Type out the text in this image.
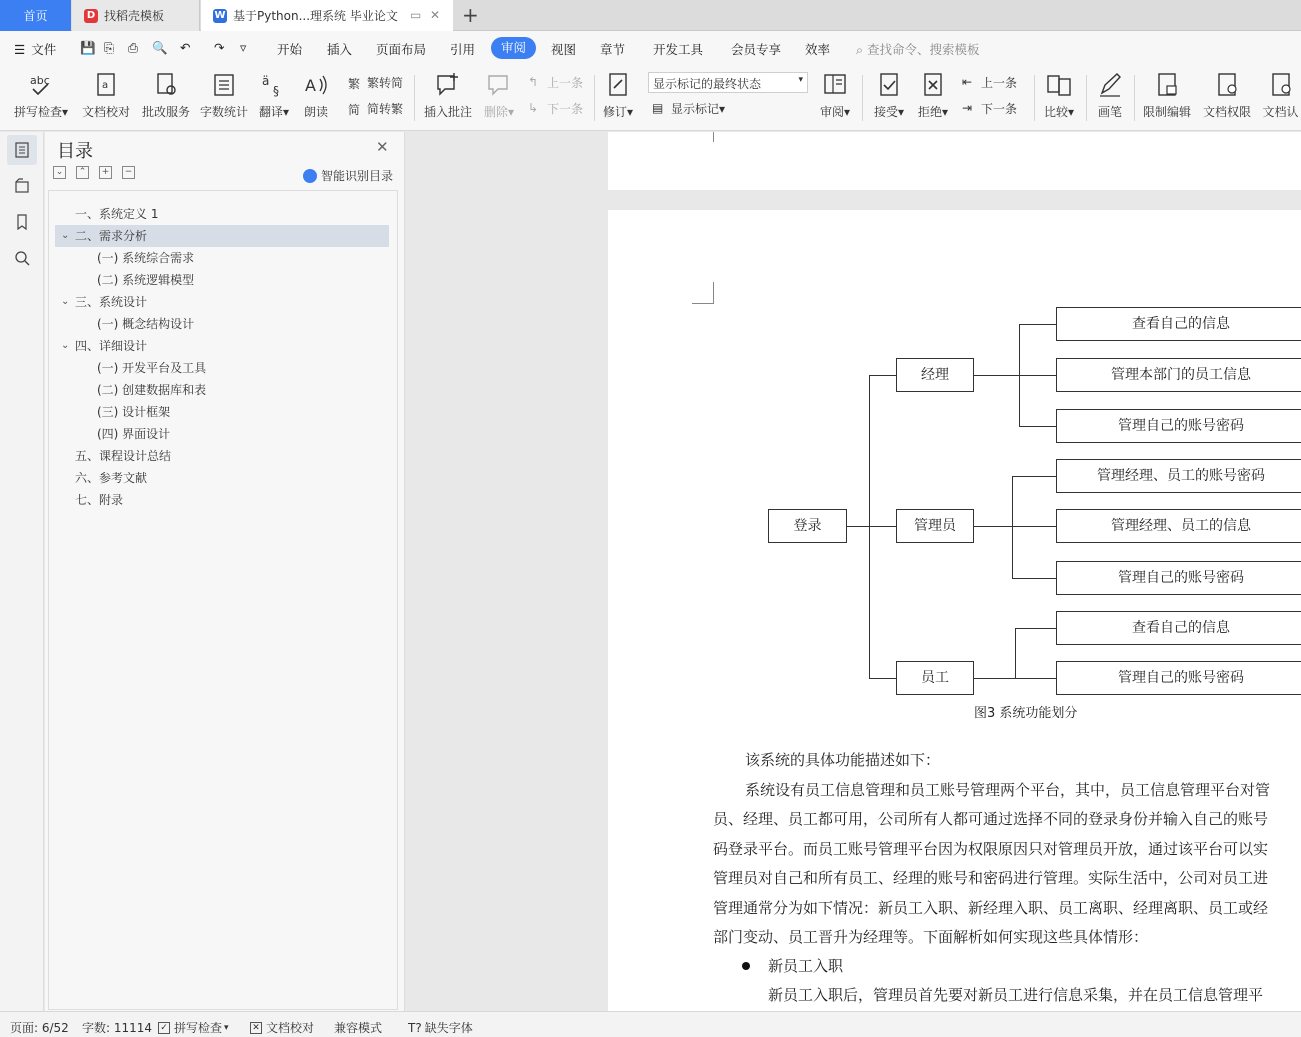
首页	D 找稻壳模板	W 基于Python...理系统 毕业论文 ▭ ✕ +
☰ 文件 💾 ⎘ ⎙ 🔍 ↶ ↷ ▿ 开始 插入 页面布局 引用	审阅	视图 章节 开发工具 会员专享 效率 ⌕ 查找命令、搜索模板
abc
拼写检查▾
a
文档校对 批改服务 字数统计
ä
§
翻译▾
A
朗读
繁 繁转简
简 简转繁 插入批注 删除▾
↰ 上一条
↳ 下一条 修订▾
显示标记的最终状态	▾
▤ 显示标记 ▾	审阅▾	接受▾	拒绝▾
⇤ 上一条
⇥ 下一条	比较▾	画笔	限制编辑 文档权限 文档认
目录	✕
⌄	⌃	+	−	智能识别目录
一、系统定义 1
⌄ 二、需求分析
(一) 系统综合需求
(二) 系统逻辑模型
⌄ 三、系统设计
(一) 概念结构设计
⌄ 四、详细设计
(一) 开发平台及工具
(二) 创建数据库和表
(三) 设计框架
(四) 界面设计
五、课程设计总结
六、参考文献
七、附录
登录
经理
管理员
员工
查看自己的信息
管理本部门的员工信息
管理自己的账号密码
管理经理、员工的账号密码
管理经理、员工的信息
管理自己的账号密码
查看自己的信息
管理自己的账号密码
图3 系统功能划分
该系统的具体功能描述如下：
系统设有员工信息管理和员工账号管理两个平台，其中，员工信息管理平台对管
员、经理、员工都可用，公司所有人都可通过选择不同的登录身份并输入自己的账号
码登录平台。而员工账号管理平台因为权限原因只对管理员开放，通过该平台可以实
管理员对自己和所有员工、经理的账号和密码进行管理。实际生活中，公司对员工进
管理通常分为如下情况：新员工入职、新经理入职、员工离职、经理离职、员工或经
部门变动、员工晋升为经理等。下面解析如何实现这些具体情形：
新员工入职
新员工入职后，管理员首先要对新员工进行信息采集，并在员工信息管理平
页面: 6/52 字数: 11114 ✓ 拼写检查 ▾	✕ 文档校对 兼容模式 T? 缺失字体
